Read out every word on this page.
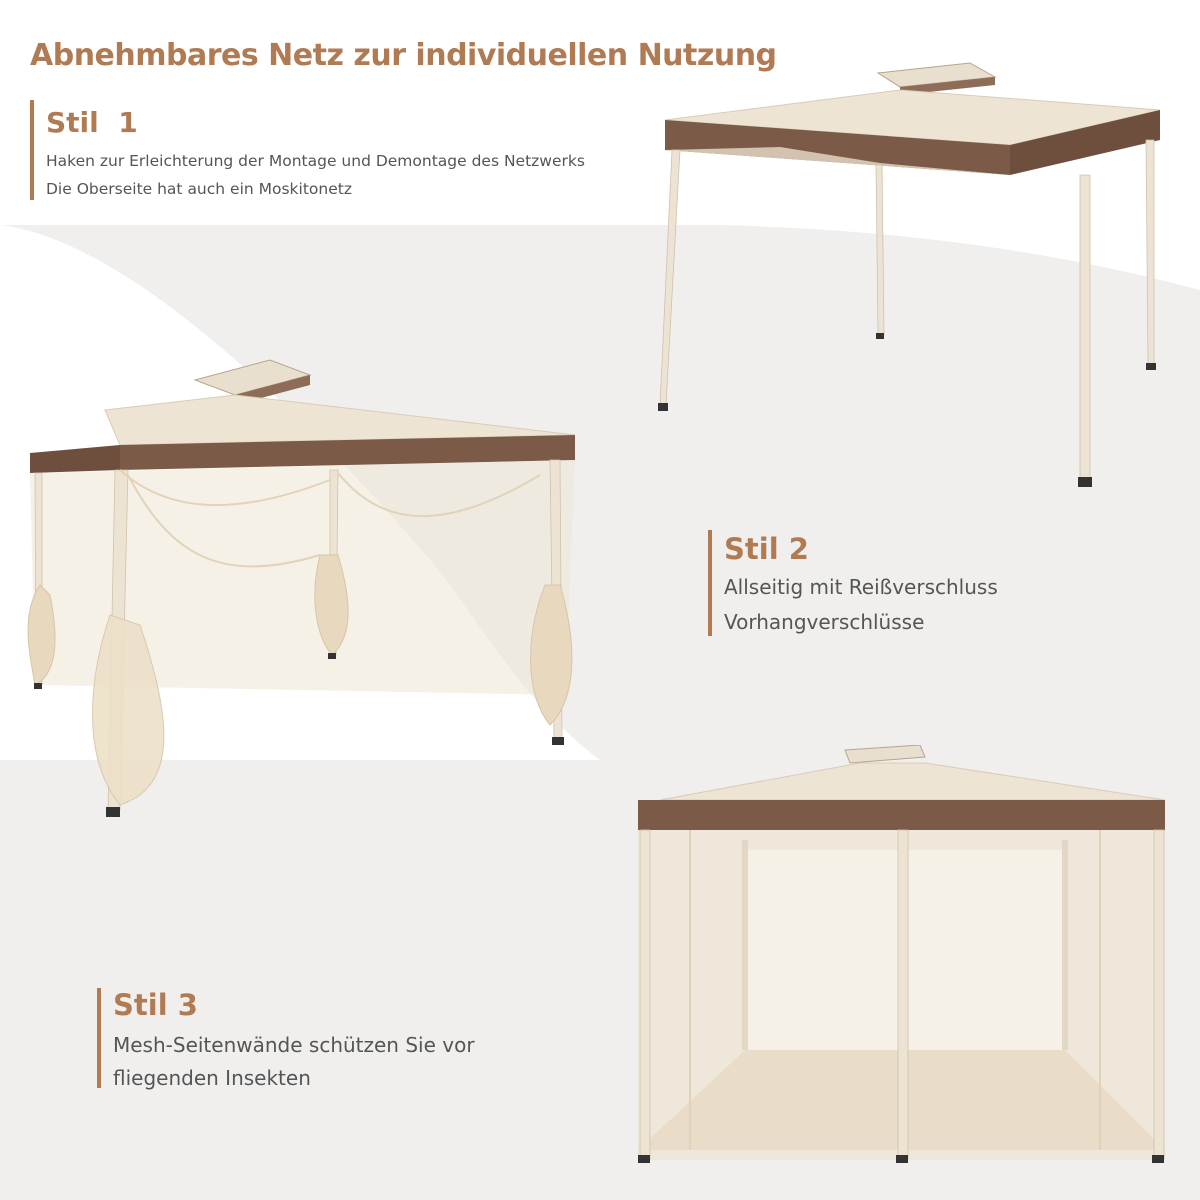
Abnehmbares Netz zur individuellen Nutzung

Stil  1

Haken zur Erleichterung der Montage und Demontage des Netzwerks

Die Oberseite hat auch ein Moskitonetz

Stil 2

Allseitig mit Reißverschluss

Vorhangverschlüsse

Stil 3

Mesh-Seitenwände schützen Sie vor

fliegenden Insekten
